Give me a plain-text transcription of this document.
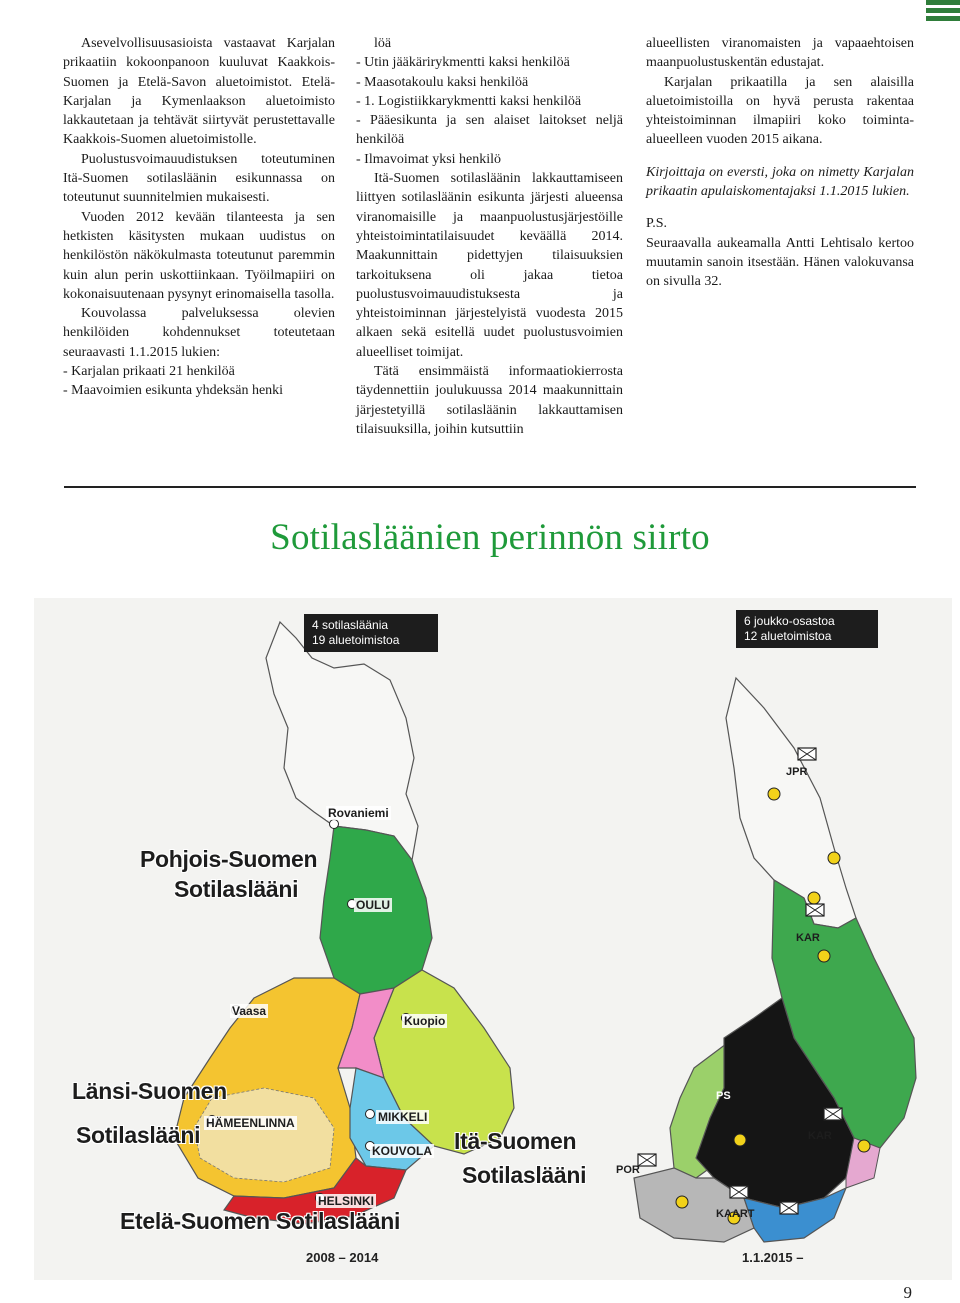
Asevelvollisuusasioista vastaavat Karjalan prikaatiin kokoonpanoon kuuluvat Kaakkois-Suomen ja Etelä-Savon aluetoimistot. Etelä-Karjalan ja Kymenlaakson aluetoimisto lakkautetaan ja tehtävät siirtyvät perustettavalle Kaakkois-Suomen aluetoimistolle.

Puolustusvoimauudistuksen toteutuminen Itä-Suomen sotilasläänin esikunnassa on toteutunut suunnitelmien mukaisesti.

Vuoden 2012 kevään tilanteesta ja sen hetkisten käsitysten mukaan uudistus on henkilöstön näkökulmasta toteutunut paremmin kuin alun perin uskottiinkaan. Työilmapiiri on kokonaisuutenaan pysynyt erinomaisella tasolla.

Kouvolassa palveluksessa olevien henkilöiden kohdennukset toteutetaan seuraavasti 1.1.2015 lukien:

- Karjalan prikaati 21 henkilöä

- Maavoimien esikunta yhdeksän henki

löä

- Utin jääkärirykmentti kaksi henkilöä

- Maasotakoulu kaksi henkilöä

- 1. Logistiikkarykmentti kaksi henkilöä

- Pääesikunta ja sen alaiset laitokset neljä henkilöä

- Ilmavoimat yksi henkilö

Itä-Suomen sotilasläänin lakkauttamiseen liittyen sotilasläänin esikunta järjesti alueensa viranomaisille ja maanpuolustusjärjestöille yhteistoimintatilaisuudet keväällä 2014. Maakunnittain pidettyjen tilaisuuksien tarkoituksena oli jakaa tietoa puolustusvoimauudistuksesta ja yhteistoiminnan järjestelyistä vuodesta 2015 alkaen sekä esitellä uudet puolustusvoimien alueelliset toimijat.

Tätä ensimmäistä informaatiokierrosta täydennettiin joulukuussa 2014 maakunnittain järjestetyillä sotilasläänin lakkauttamisen tilaisuuksilla, joihin kutsuttiin

alueellisten viranomaisten ja vapaaehtoisen maanpuolustuskentän edustajat.

Karjalan prikaatilla ja sen alaisilla aluetoimistoilla on hyvä perusta rakentaa yhteistoiminnan ilmapiiri koko toiminta-alueelleen vuoden 2015 aikana.

Kirjoittaja on eversti, joka on nimetty Karjalan prikaatin apulaiskomentajaksi 1.1.2015 lukien.

P.S.

Seuraavalla aukeamalla Antti Lehtisalo kertoo muutamin sanoin itsestään. Hänen valokuvansa on sivulla 32.

Sotilasläänien perinnön siirto
4 sotilasläänia
19 aluetoimistoa
6 joukko-osastoa
12 aluetoimistoa
Pohjois-Suomen
Sotilaslääni
Länsi-Suomen
Sotilaslääni	Itä-Suomen
Sotilaslääni
Etelä-Suomen Sotilaslääni
Rovaniemi
OULU
Vaasa
Kuopio
MIKKELI
KOUVOLA
HÄMEENLINNA
HELSINKI
JPR
KAR
PS
KAR
POR
KAART
2008 – 2014	1.1.2015 –
9
